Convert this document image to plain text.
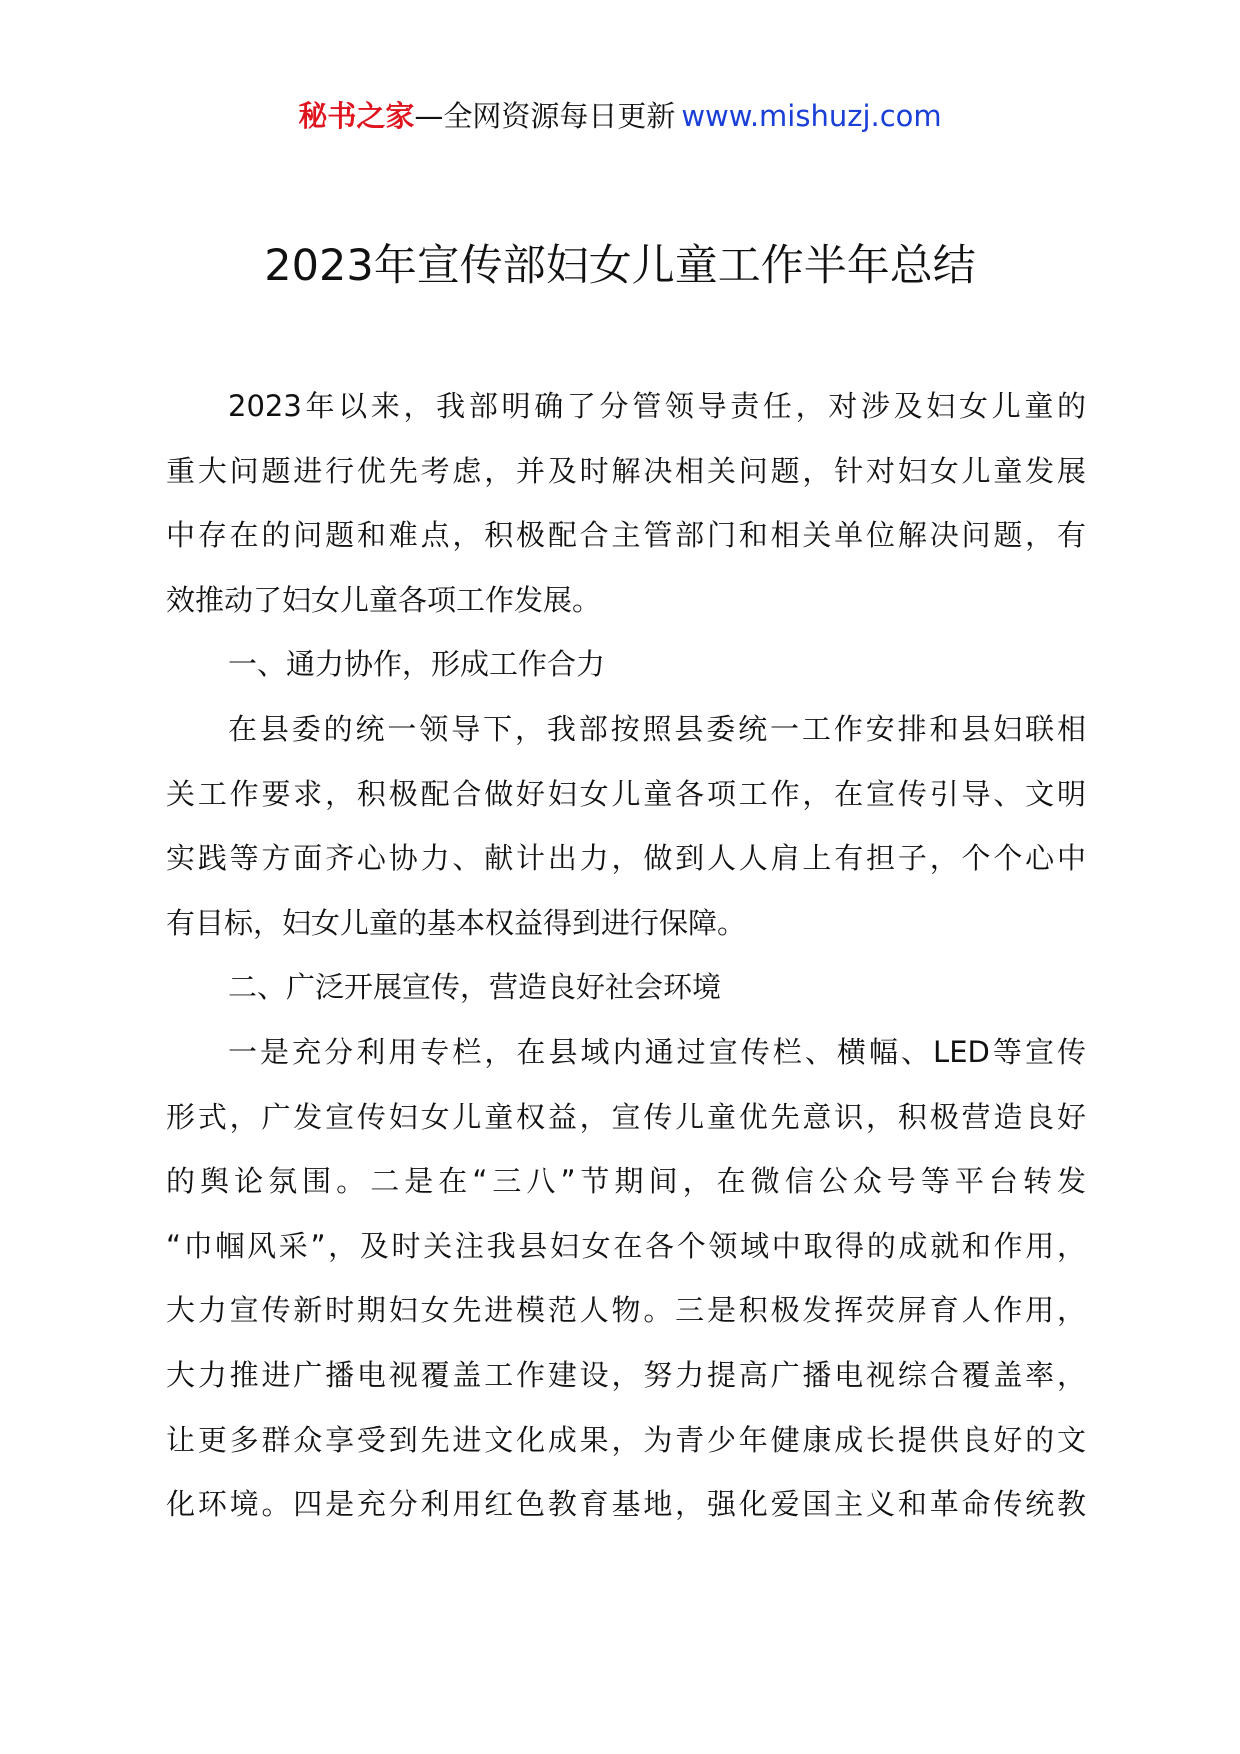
秘书之家—全网资源每日更新 www.mishuzj.com
2023年宣传部妇女儿童工作半年总结
2023年以来，我部明确了分管领导责任，对涉及妇女儿童的
重大问题进行优先考虑，并及时解决相关问题，针对妇女儿童发展
中存在的问题和难点，积极配合主管部门和相关单位解决问题，有
效推动了妇女儿童各项工作发展。
一、通力协作，形成工作合力
在县委的统一领导下，我部按照县委统一工作安排和县妇联相
关工作要求，积极配合做好妇女儿童各项工作，在宣传引导、文明
实践等方面齐心协力、献计出力，做到人人肩上有担子，个个心中
有目标，妇女儿童的基本权益得到进行保障。
二、广泛开展宣传，营造良好社会环境
一是充分利用专栏，在县域内通过宣传栏、横幅、LED等宣传
形式，广发宣传妇女儿童权益，宣传儿童优先意识，积极营造良好
的舆论氛围。二是在“三八”节期间，在微信公众号等平台转发
“巾帼风采”，及时关注我县妇女在各个领域中取得的成就和作用，
大力宣传新时期妇女先进模范人物。三是积极发挥荧屏育人作用，
大力推进广播电视覆盖工作建设，努力提高广播电视综合覆盖率，
让更多群众享受到先进文化成果，为青少年健康成长提供良好的文
化环境。四是充分利用红色教育基地，强化爱国主义和革命传统教
